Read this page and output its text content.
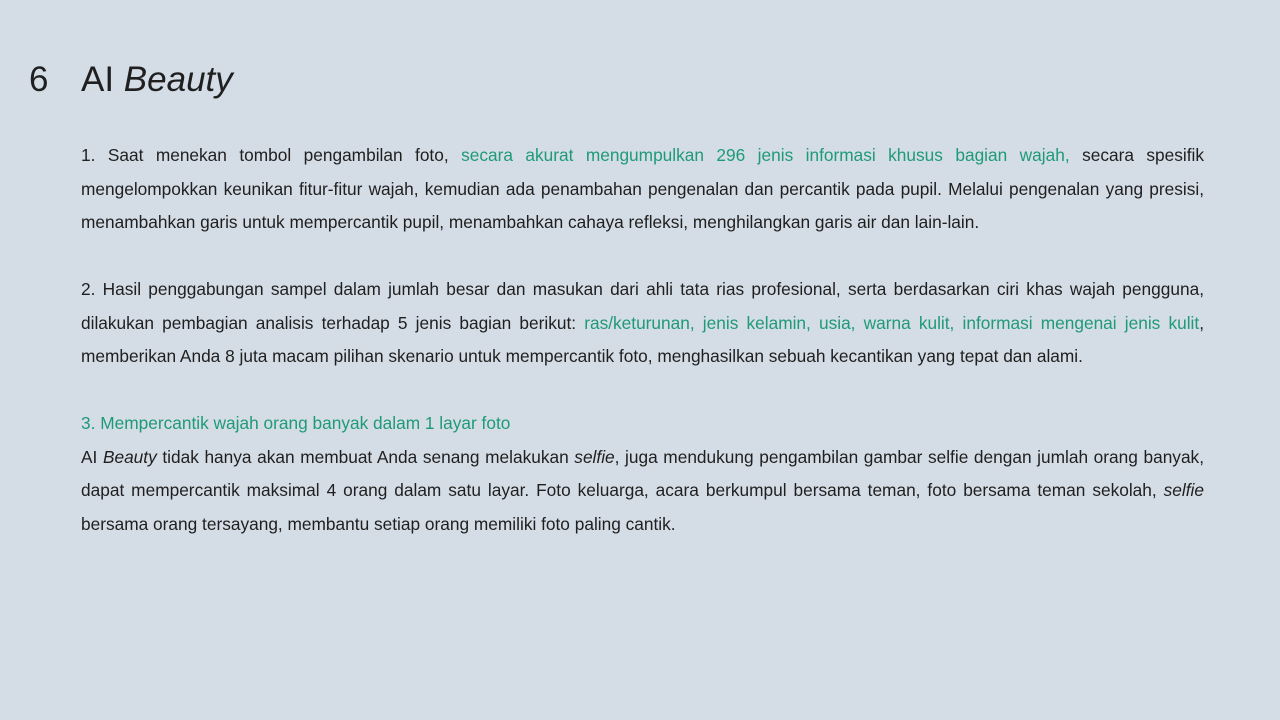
6 AI Beauty

1. Saat menekan tombol pengambilan foto, secara akurat mengumpulkan 296 jenis informasi khusus bagian wajah, secara spesifik mengelompokkan keunikan fitur-fitur wajah, kemudian ada penambahan pengenalan dan percantik pada pupil. Melalui pengenalan yang presisi, menambahkan garis untuk mempercantik pupil, menambahkan cahaya refleksi, menghilangkan garis air dan lain-lain.

2. Hasil penggabungan sampel dalam jumlah besar dan masukan dari ahli tata rias profesional, serta berdasarkan ciri khas wajah pengguna, dilakukan pembagian analisis terhadap 5 jenis bagian berikut: ras/keturunan, jenis kelamin, usia, warna kulit, informasi mengenai jenis kulit, memberikan Anda 8 juta macam pilihan skenario untuk mempercantik foto, menghasilkan sebuah kecantikan yang tepat dan alami.

3. Mempercantik wajah orang banyak dalam 1 layar foto

AI Beauty tidak hanya akan membuat Anda senang melakukan selfie, juga mendukung pengambilan gambar selfie dengan jumlah orang banyak, dapat mempercantik maksimal 4 orang dalam satu layar. Foto keluarga, acara berkumpul bersama teman, foto bersama teman sekolah, selfie bersama orang tersayang, membantu setiap orang memiliki foto paling cantik.
